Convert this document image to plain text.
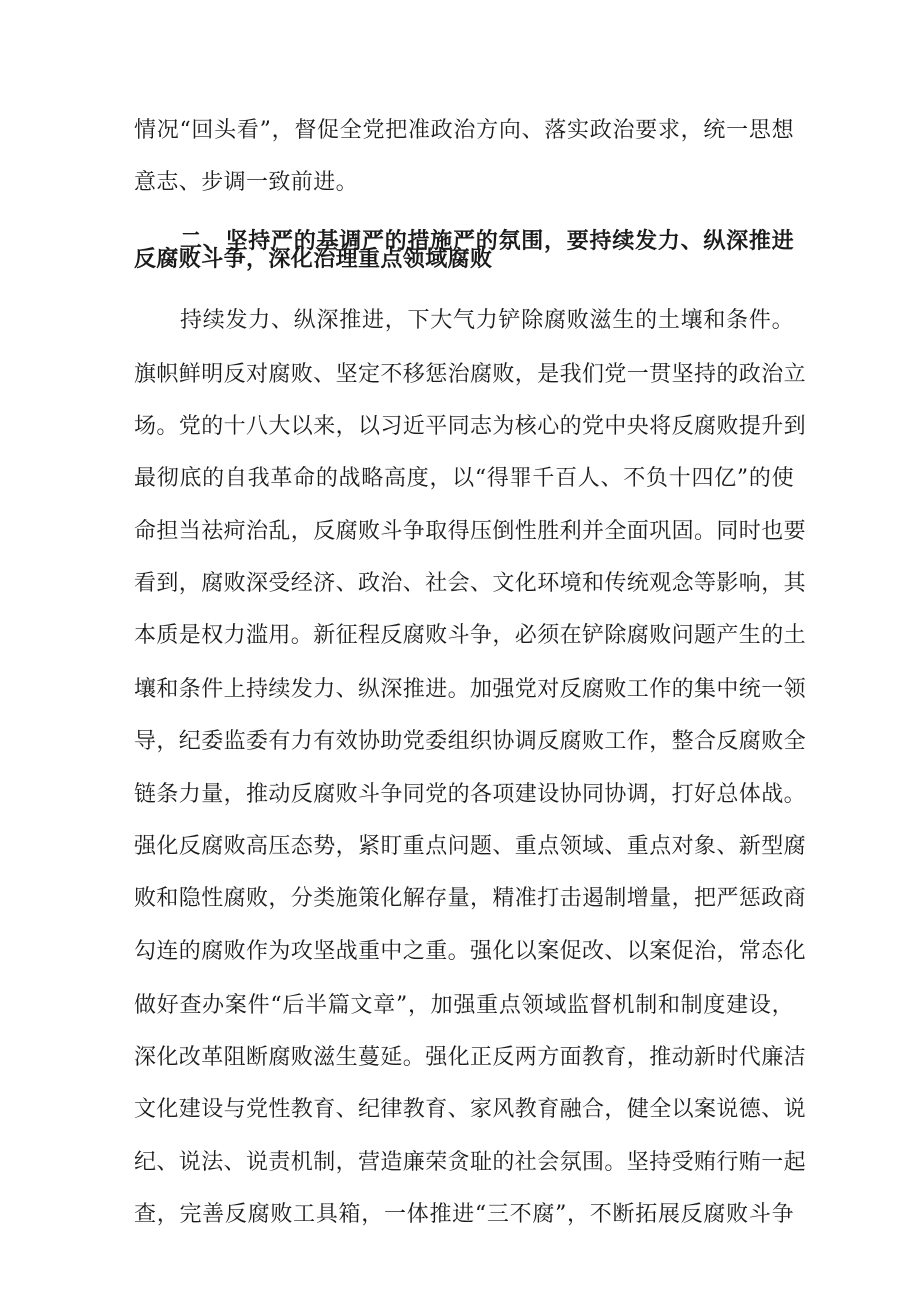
情况“回头看”，督促全党把准政治方向、落实政治要求，统一思想
意志、步调一致前进。
二、坚持严的基调严的措施严的氛围，要持续发力、纵深推进
反腐败斗争，深化治理重点领域腐败
持续发力、纵深推进，下大气力铲除腐败滋生的土壤和条件。
旗帜鲜明反对腐败、坚定不移惩治腐败，是我们党一贯坚持的政治立
场。党的十八大以来，以习近平同志为核心的党中央将反腐败提升到
最彻底的自我革命的战略高度，以“得罪千百人、不负十四亿”的使
命担当祛疴治乱，反腐败斗争取得压倒性胜利并全面巩固。同时也要
看到，腐败深受经济、政治、社会、文化环境和传统观念等影响，其
本质是权力滥用。新征程反腐败斗争，必须在铲除腐败问题产生的土
壤和条件上持续发力、纵深推进。加强党对反腐败工作的集中统一领
导，纪委监委有力有效协助党委组织协调反腐败工作，整合反腐败全
链条力量，推动反腐败斗争同党的各项建设协同协调，打好总体战。
强化反腐败高压态势，紧盯重点问题、重点领域、重点对象、新型腐
败和隐性腐败，分类施策化解存量，精准打击遏制增量，把严惩政商
勾连的腐败作为攻坚战重中之重。强化以案促改、以案促治，常态化
做好查办案件“后半篇文章”，加强重点领域监督机制和制度建设，
深化改革阻断腐败滋生蔓延。强化正反两方面教育，推动新时代廉洁
文化建设与党性教育、纪律教育、家风教育融合，健全以案说德、说
纪、说法、说责机制，营造廉荣贪耻的社会氛围。坚持受贿行贿一起
查，完善反腐败工具箱，一体推进“三不腐”，不断拓展反腐败斗争
